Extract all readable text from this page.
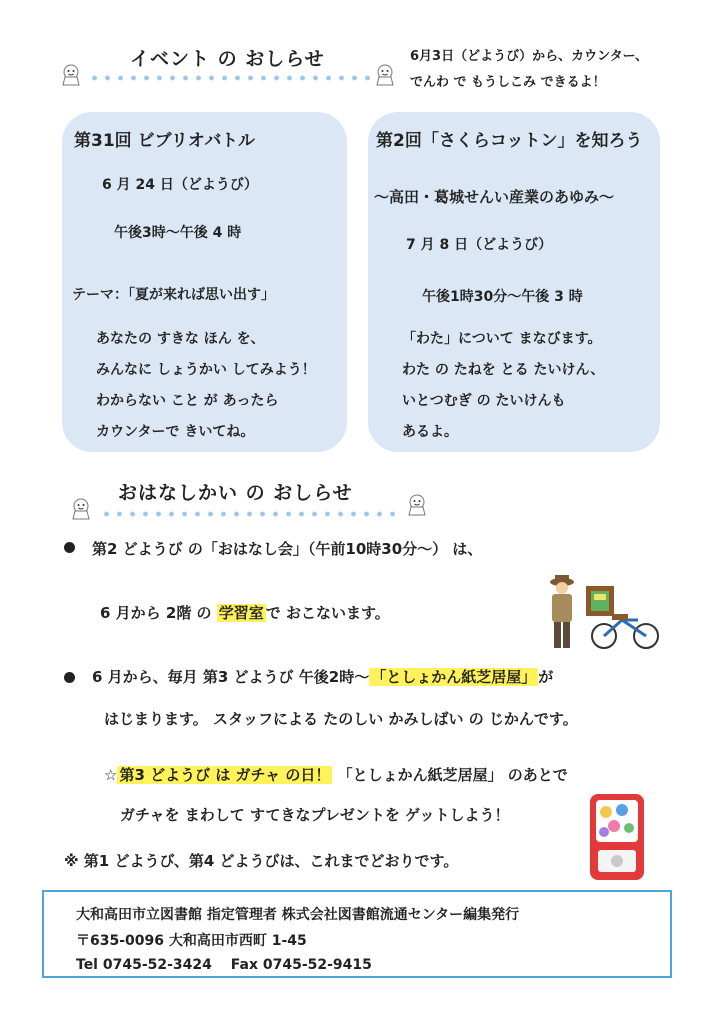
イベント の おしらせ	6月3日（どようび）から、カウンター、
でんわ で もうしこみ できるよ！
第31回 ビブリオバトル
6 月 24 日（どようび）
午後3時～午後 4 時
テーマ：「夏が来れば思い出す」
あなたの すきな ほん を、
みんなに しょうかい してみよう！
わからない こと が あったら
カウンターで きいてね。
第2回「さくらコットン」を知ろう
～高田・葛城せんい産業のあゆみ～
7 月 8 日（どようび）
午後1時30分～午後 3 時
「わた」について まなびます。
わた の たねを とる たいけん、
いとつむぎ の たいけんも
あるよ。
おはなしかい の おしらせ
第2 どようび の「おはなし会」（午前10時30分～） は、
6 月から 2階 の 学習室 で おこないます。
6 月から、毎月 第3 どようび 午後2時～ 「としょかん紙芝居屋」 が
はじまります。 スタッフによる たのしい かみしばい の じかんです。
☆ 第3 どようび は ガチャ の日！ 「としょかん紙芝居屋」 のあとで
ガチャを まわして すてきなプレゼントを ゲットしよう！
※ 第1 どようび、第4 どようびは、これまでどおりです。
大和高田市立図書館 指定管理者 株式会社図書館流通センター編集発行
〒635-0096 大和高田市西町 1-45
Tel 0745-52-3424　 Fax 0745-52-9415
